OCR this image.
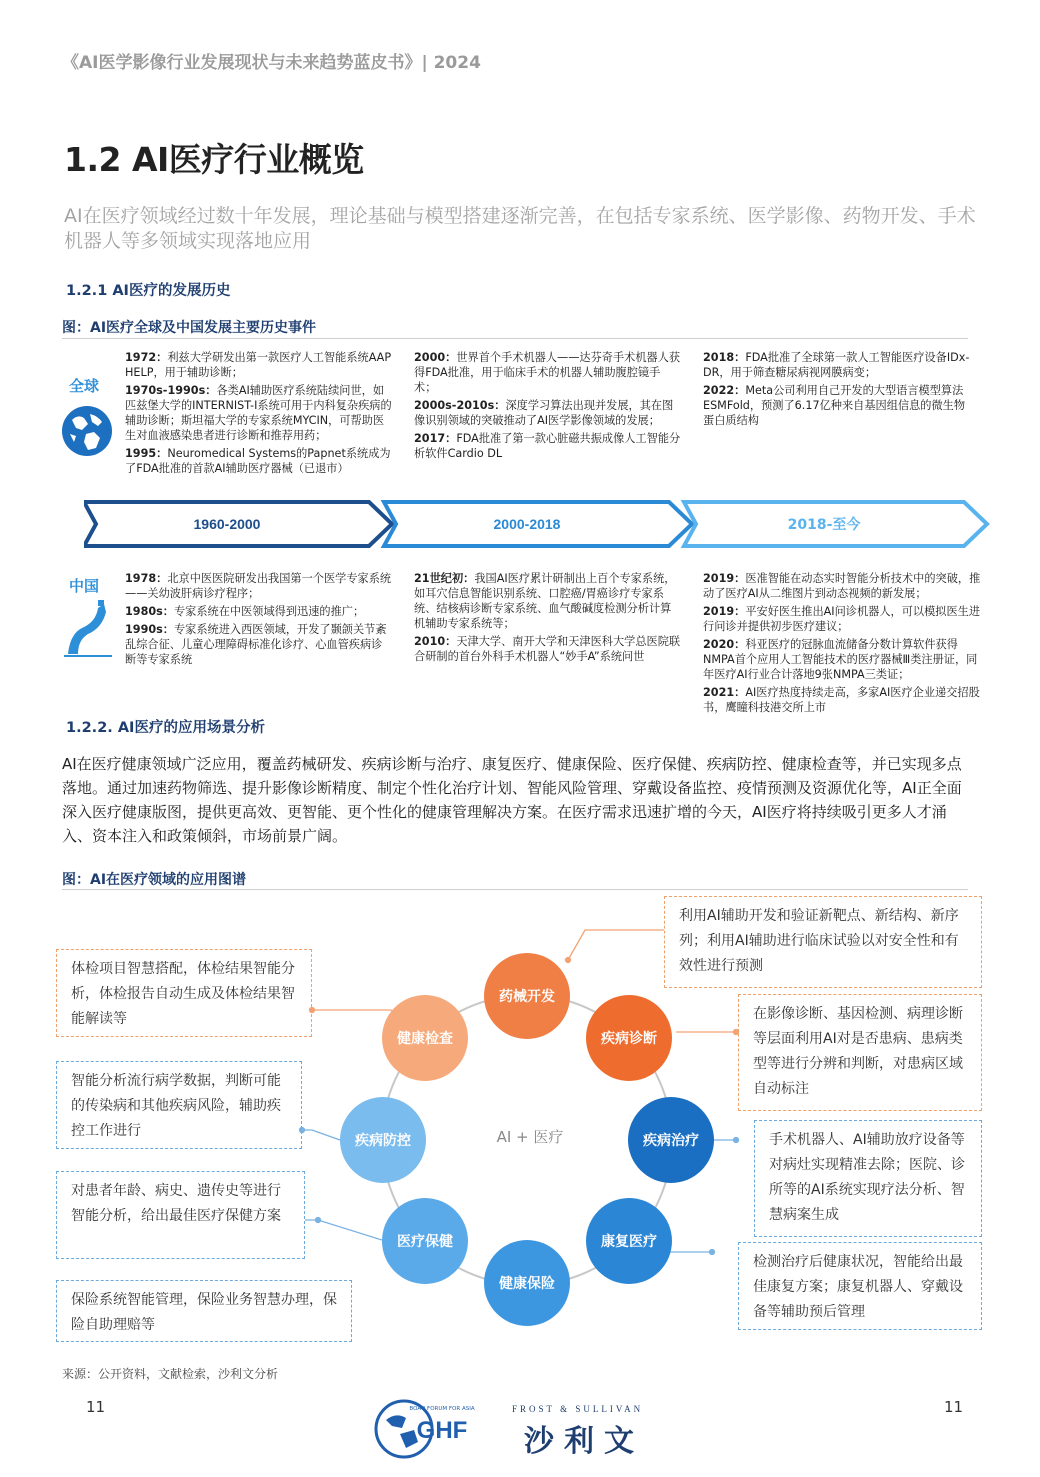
《AI医学影像行业发展现状与未来趋势蓝皮书》| 2024
1.2 AI医疗行业概览
AI在医疗领域经过数十年发展，理论基础与模型搭建逐渐完善，在包括专家系统、医学影像、药物开发、手术机器人等多领域实现落地应用
1.2.1 AI医疗的发展历史
图：AI医疗全球及中国发展主要历史事件
全球

1972：利兹大学研发出第一款医疗人工智能系统AAP HELP，用于辅助诊断；

1970s-1990s：各类AI辅助医疗系统陆续问世，如匹兹堡大学的INTERNIST-I系统可用于内科复杂疾病的辅助诊断；斯坦福大学的专家系统MYCIN，可帮助医生对血液感染患者进行诊断和推荐用药；

1995：Neuromedical Systems的Papnet系统成为了FDA批准的首款AI辅助医疗器械（已退市）

2000：世界首个手术机器人——达芬奇手术机器人获得FDA批准，用于临床手术的机器人辅助腹腔镜手术；

2000s-2010s：深度学习算法出现并发展，其在图像识别领域的突破推动了AI医学影像领域的发展；

2017：FDA批准了第一款心脏磁共振成像人工智能分析软件Cardio DL

2018：FDA批准了全球第一款人工智能医疗设备IDx-DR，用于筛查糖尿病视网膜病变；

2022：Meta公司利用自己开发的大型语言模型算法ESMFold，预测了6.17亿种来自基因组信息的微生物蛋白质结构

1960-2000	2000-2018	2018-至今
中国 1978：北京中医医院研发出我国第一个医学专家系统——关幼波肝病诊疗程序；

1980s：专家系统在中医领域得到迅速的推广；

1990s：专家系统进入西医领域，开发了颞颌关节紊乱综合征、儿童心理障碍标准化诊疗、心血管疾病诊断等专家系统

21世纪初：我国AI医疗累计研制出上百个专家系统，如耳穴信息智能识别系统、口腔癌/胃癌诊疗专家系统、结核病诊断专家系统、血气酸碱度检测分析计算机辅助专家系统等；

2010：天津大学、南开大学和天津医科大学总医院联合研制的首台外科手术机器人“妙手A”系统问世

2019：医准智能在动态实时智能分析技术中的突破，推动了医疗AI从二维图片到动态视频的新发展；

2019：平安好医生推出AI问诊机器人，可以模拟医生进行问诊并提供初步医疗建议；

2020：科亚医疗的冠脉血流储备分数计算软件获得NMPA首个应用人工智能技术的医疗器械Ⅲ类注册证，同年医疗AI行业合计落地9张NMPA三类证；

2021：AI医疗热度持续走高，多家AI医疗企业递交招股书，鹰瞳科技港交所上市

1.2.2. AI医疗的应用场景分析
AI在医疗健康领域广泛应用，覆盖药械研发、疾病诊断与治疗、康复医疗、健康保险、医疗保健、疾病防控、健康检查等，并已实现多点落地。通过加速药物筛选、提升影像诊断精度、制定个性化治疗计划、智能风险管理、穿戴设备监控、疫情预测及资源优化等，AI正全面深入医疗健康版图，提供更高效、更智能、更个性化的健康管理解决方案。在医疗需求迅速扩增的今天，AI医疗将持续吸引更多人才涌入、资本注入和政策倾斜，市场前景广阔。
图：AI在医疗领域的应用图谱
AI + 医疗
药械开发
疾病诊断
疾病治疗
康复医疗
健康保险
医疗保健
疾病防控
健康检查
利用AI辅助开发和验证新靶点、新结构、新序列；利用AI辅助进行临床试验以对安全性和有效性进行预测
在影像诊断、基因检测、病理诊断等层面利用AI对是否患病、患病类型等进行分辨和判断，对患病区域自动标注
手术机器人、AI辅助放疗设备等对病灶实现精准去除；医院、诊所等的AI系统实现疗法分析、智慧病案生成
检测治疗后健康状况，智能给出最佳康复方案；康复机器人、穿戴设备等辅助预后管理
体检项目智慧搭配，体检结果智能分析，体检报告自动生成及体检结果智能解读等
智能分析流行病学数据，判断可能的传染病和其他疾病风险，辅助疾控工作进行
对患者年龄、病史、遗传史等进行智能分析，给出最佳医疗保健方案
保险系统智能管理，保险业务智慧办理，保险自助理赔等
来源：公开资料，文献检索，沙利文分析
11	11
BOAO FORUM FOR ASIA
GHF
FROST & SULLIVAN
沙利文
